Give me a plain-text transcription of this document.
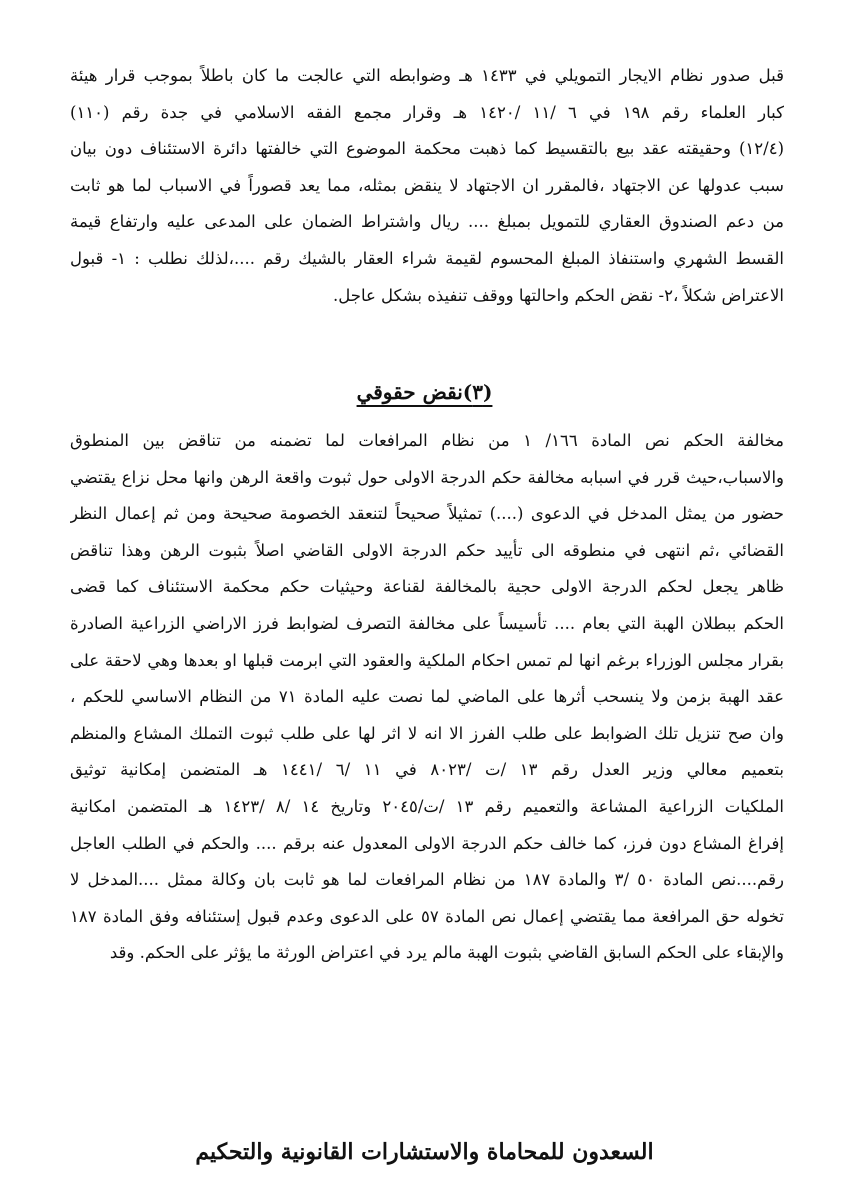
قبل صدور نظام الايجار التمويلي في ١٤٣٣ هـ وضوابطه التي عالجت ما كان باطلاً بموجب قرار هيئة
كبار العلماء رقم ١٩٨ في ٦ /١١ /١٤٢٠ هـ وقرار مجمع الفقه الاسلامي في جدة رقم (١١٠)
(١٢/٤) وحقيقته عقد بيع بالتقسيط كما ذهبت محكمة الموضوع التي خالفتها دائرة الاستئناف دون بيان
سبب عدولها عن الاجتهاد ،فالمقرر ان الاجتهاد لا ينقض بمثله، مما يعد قصوراً في الاسباب لما هو ثابت
من دعم الصندوق العقاري للتمويل بمبلغ .... ريال واشتراط الضمان على المدعى عليه وارتفاع قيمة
القسط الشهري واستنفاذ المبلغ المحسوم لقيمة شراء العقار بالشيك رقم ....،لذلك نطلب : ١- قبول
الاعتراض شكلاً ،٢- نقض الحكم واحالتها ووقف تنفيذه بشكل عاجل.
(٣)نقض حقوقي
مخالفة الحكم نص المادة ١٦٦/ ١ من نظام المرافعات لما تضمنه من تناقض بين المنطوق
والاسباب،حيث قرر في اسبابه مخالفة حكم الدرجة الاولى حول ثبوت واقعة الرهن وانها محل نزاع يقتضي
حضور من يمثل المدخل في الدعوى (....) تمثيلاً صحيحاً لتنعقد الخصومة صحيحة ومن ثم إعمال النظر
القضائي ،ثم انتهى في منطوقه الى تأييد حكم الدرجة الاولى القاضي اصلاً بثبوت الرهن وهذا تناقض
ظاهر يجعل لحكم الدرجة الاولى حجية بالمخالفة لقناعة وحيثيات حكم محكمة الاستئناف كما قضى
الحكم ببطلان الهبة التي بعام .... تأسيساً على مخالفة التصرف لضوابط فرز الاراضي الزراعية الصادرة
بقرار مجلس الوزراء برغم انها لم تمس احكام الملكية والعقود التي ابرمت قبلها او بعدها وهي لاحقة على
عقد الهبة بزمن ولا ينسحب أثرها على الماضي لما نصت عليه المادة ٧١ من النظام الاساسي للحكم ،
وان صح تنزيل تلك الضوابط على طلب الفرز الا انه لا اثر لها على طلب ثبوت التملك المشاع والمنظم
بتعميم معالي وزير العدل رقم ١٣ /ت /٨٠٢٣ في ١١ /٦ /١٤٤١ هـ المتضمن إمكانية توثيق
الملكيات الزراعية المشاعة والتعميم رقم ١٣ /ت/٢٠٤٥ وتاريخ ١٤ /٨ /١٤٢٣ هـ المتضمن امكانية
إفراغ المشاع دون فرز، كما خالف حكم الدرجة الاولى المعدول عنه برقم .... والحكم في الطلب العاجل
رقم....نص المادة ٥٠ /٣ والمادة ١٨٧ من نظام المرافعات لما هو ثابت بان وكالة ممثل ....المدخل لا
تخوله حق المرافعة مما يقتضي إعمال نص المادة ٥٧ على الدعوى وعدم قبول إستئنافه وفق المادة ١٨٧
والإبقاء على الحكم السابق القاضي بثبوت الهبة مالم يرد في اعتراض الورثة ما يؤثر على الحكم. وقد
السعدون للمحاماة والاستشارات القانونية والتحكيم
